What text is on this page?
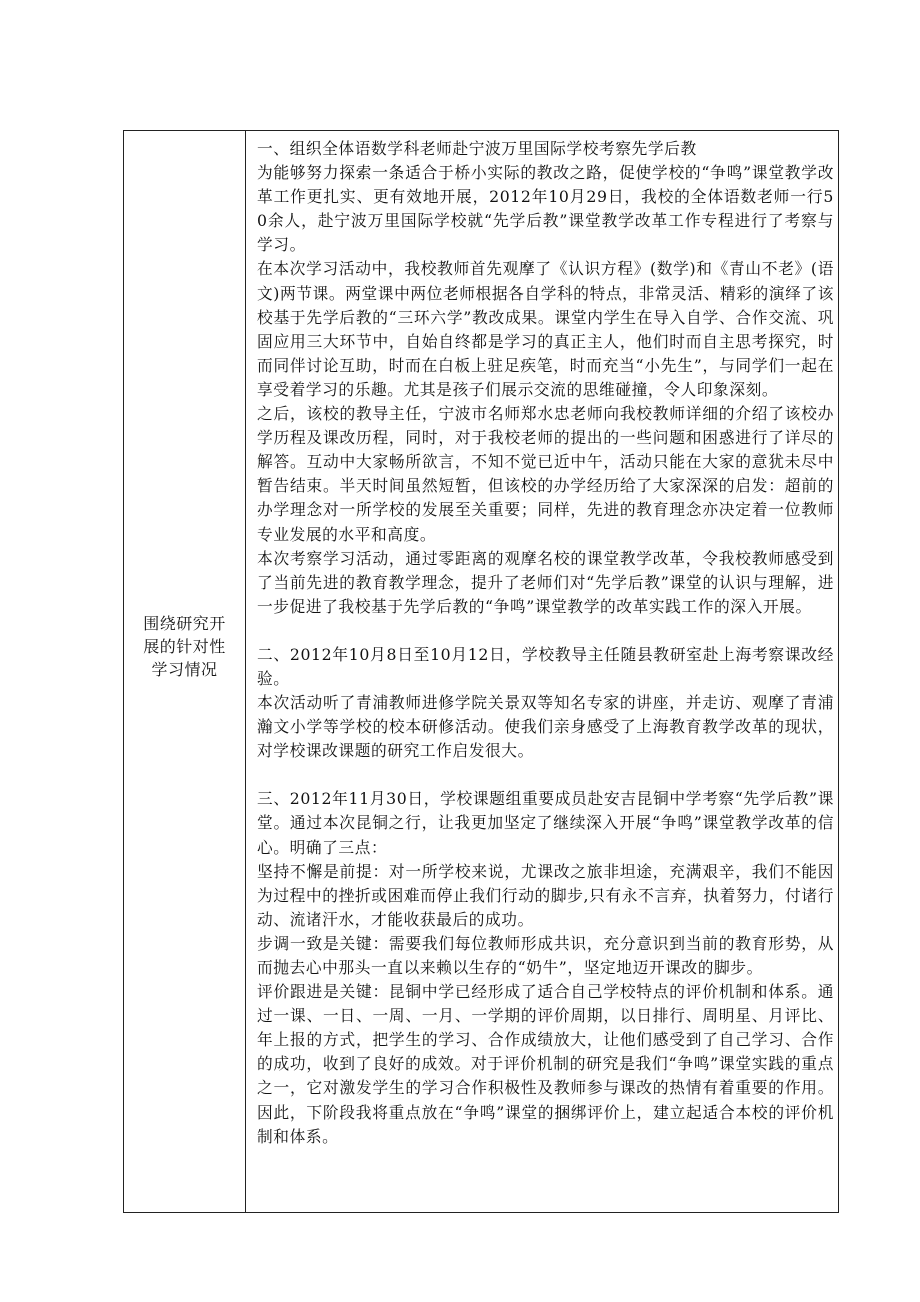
围绕研究开展的针对性学习情况

一、组织全体语数学科老师赴宁波万里国际学校考察先学后教

为能够努力探索一条适合于桥小实际的教改之路，促使学校的“争鸣”课堂教学改革工作更扎实、更有效地开展，2012年10月29日，我校的全体语数老师一行50余人，赴宁波万里国际学校就“先学后教”课堂教学改革工作专程进行了考察与学习。

在本次学习活动中，我校教师首先观摩了《认识方程》(数学)和《青山不老》(语文)两节课。两堂课中两位老师根据各自学科的特点，非常灵活、精彩的演绎了该校基于先学后教的“三环六学”教改成果。课堂内学生在导入自学、合作交流、巩固应用三大环节中，自始自终都是学习的真正主人，他们时而自主思考探究，时而同伴讨论互助，时而在白板上驻足疾笔，时而充当“小先生”，与同学们一起在享受着学习的乐趣。尤其是孩子们展示交流的思维碰撞，令人印象深刻。

之后，该校的教导主任，宁波市名师郑水忠老师向我校教师详细的介绍了该校办学历程及课改历程，同时，对于我校老师的提出的一些问题和困惑进行了详尽的解答。互动中大家畅所欲言，不知不觉已近中午，活动只能在大家的意犹未尽中暂告结束。半天时间虽然短暂，但该校的办学经历给了大家深深的启发：超前的办学理念对一所学校的发展至关重要；同样，先进的教育理念亦决定着一位教师专业发展的水平和高度。

本次考察学习活动，通过零距离的观摩名校的课堂教学改革，令我校教师感受到了当前先进的教育教学理念，提升了老师们对“先学后教”课堂的认识与理解，进一步促进了我校基于先学后教的“争鸣”课堂教学的改革实践工作的深入开展。

二、2012年10月8日至10月12日，学校教导主任随县教研室赴上海考察课改经验。

本次活动听了青浦教师进修学院关景双等知名专家的讲座，并走访、观摩了青浦瀚文小学等学校的校本研修活动。使我们亲身感受了上海教育教学改革的现状，对学校课改课题的研究工作启发很大。

三、2012年11月30日，学校课题组重要成员赴安吉昆铜中学考察“先学后教”课堂。通过本次昆铜之行，让我更加坚定了继续深入开展“争鸣”课堂教学改革的信心。明确了三点：

坚持不懈是前提：对一所学校来说，尤课改之旅非坦途，充满艰辛，我们不能因为过程中的挫折或困难而停止我们行动的脚步,只有永不言弃，执着努力，付诸行动、流诸汗水，才能收获最后的成功。

步调一致是关键：需要我们每位教师形成共识，充分意识到当前的教育形势，从而抛去心中那头一直以来赖以生存的“奶牛”，坚定地迈开课改的脚步。

评价跟进是关键：昆铜中学已经形成了适合自己学校特点的评价机制和体系。通过一课、一日、一周、一月、一学期的评价周期，以日排行、周明星、月评比、年上报的方式，把学生的学习、合作成绩放大，让他们感受到了自己学习、合作的成功，收到了良好的成效。对于评价机制的研究是我们“争鸣”课堂实践的重点之一，它对激发学生的学习合作积极性及教师参与课改的热情有着重要的作用。因此，下阶段我将重点放在“争鸣”课堂的捆绑评价上，建立起适合本校的评价机制和体系。
